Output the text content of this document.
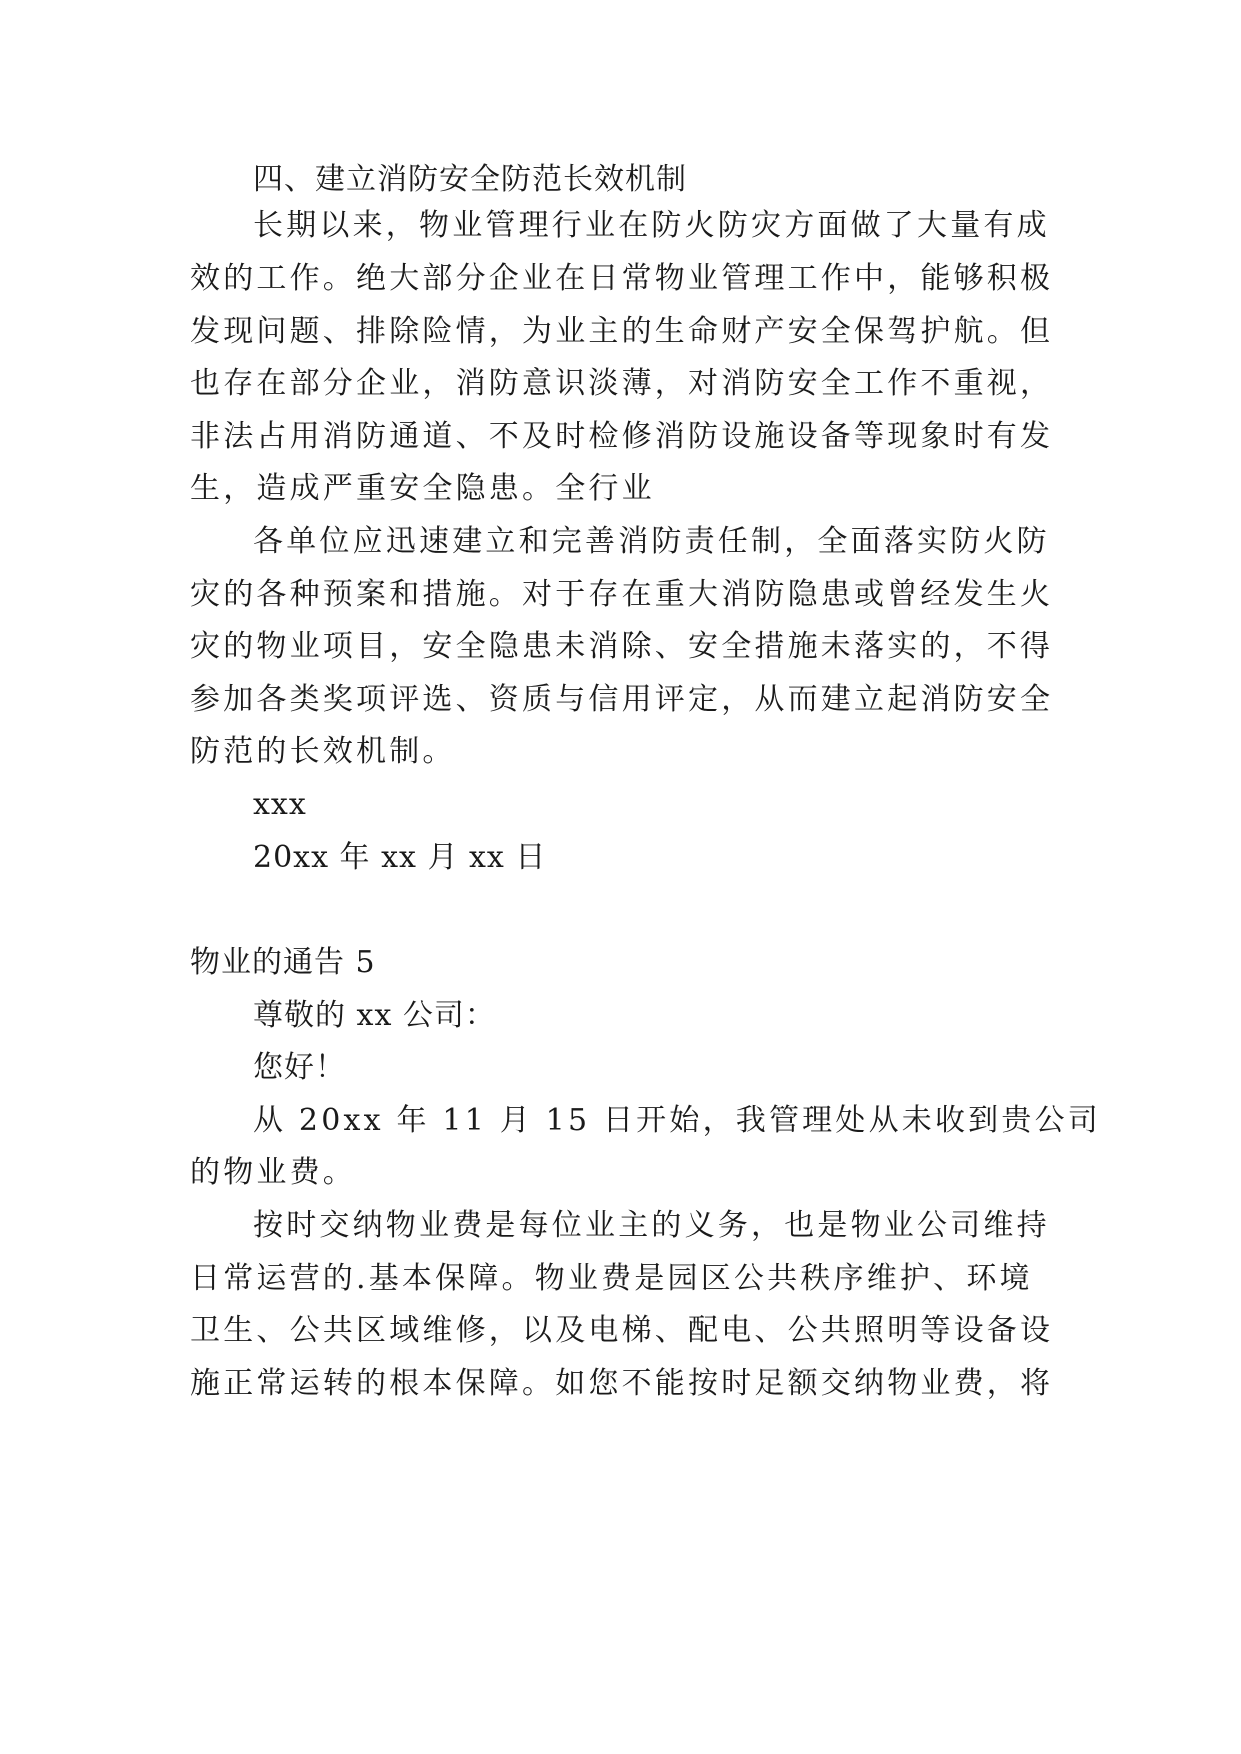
四、建立消防安全防范长效机制
长期以来，物业管理行业在防火防灾方面做了大量有成
效的工作。绝大部分企业在日常物业管理工作中，能够积极
发现问题、排除险情，为业主的生命财产安全保驾护航。但
也存在部分企业，消防意识淡薄，对消防安全工作不重视，
非法占用消防通道、不及时检修消防设施设备等现象时有发
生，造成严重安全隐患。全行业
各单位应迅速建立和完善消防责任制，全面落实防火防
灾的各种预案和措施。对于存在重大消防隐患或曾经发生火
灾的物业项目，安全隐患未消除、安全措施未落实的，不得
参加各类奖项评选、资质与信用评定，从而建立起消防安全
防范的长效机制。
xxx
20xx 年 xx 月 xx 日
物业的通告 5
尊敬的 xx 公司：
您好！
从 20xx 年 11 月 15 日开始，我管理处从未收到贵公司
的物业费。
按时交纳物业费是每位业主的义务，也是物业公司维持
日常运营的.基本保障。物业费是园区公共秩序维护、环境
卫生、公共区域维修，以及电梯、配电、公共照明等设备设
施正常运转的根本保障。如您不能按时足额交纳物业费，将
